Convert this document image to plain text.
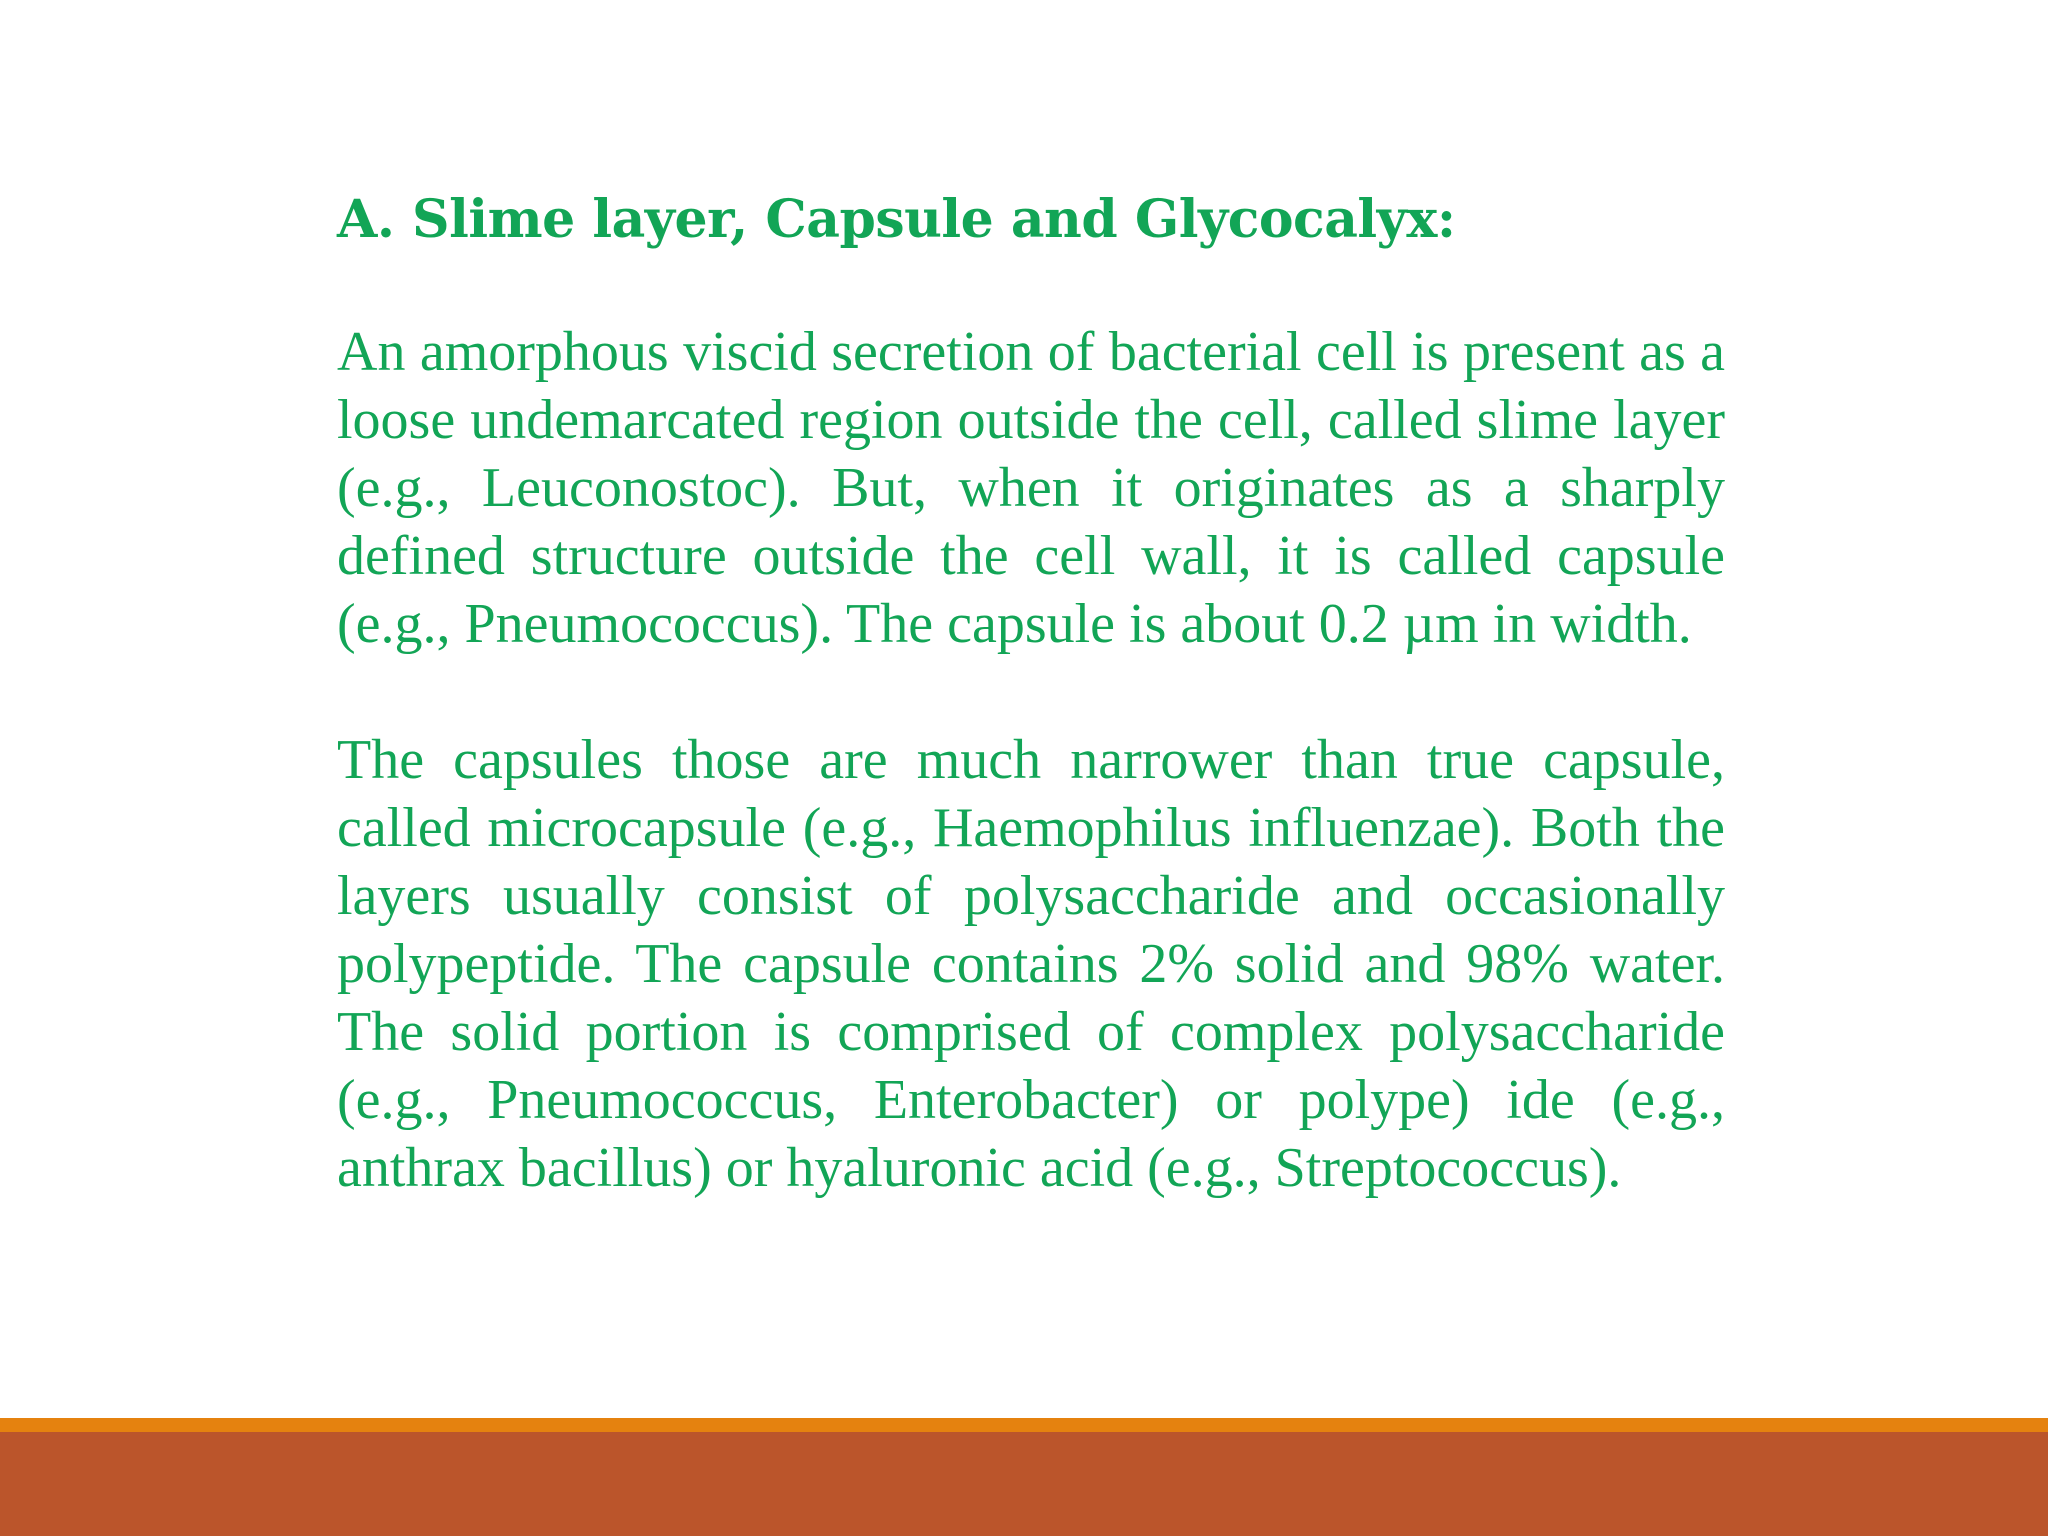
A. Slime layer, Capsule and Glycocalyx:

An amorphous viscid secretion of bacterial cell is present as a loose undemarcated region outside the cell, called slime layer (e.g., Leuconostoc). But, when it originates as a sharply defined structure outside the cell wall, it is called capsule (e.g., Pneumococcus). The capsule is about 0.2 µm in width.

The capsules those are much narrower than true capsule, called microcapsule (e.g., Haemophilus influenzae). Both the layers usually consist of polysaccharide and occasionally polypeptide. The capsule contains 2% solid and 98% water. The solid portion is comprised of complex polysaccharide (e.g., Pneumococcus, Enterobacter) or polype) ide (e.g., anthrax bacillus) or hyaluronic acid (e.g., Streptococcus).
